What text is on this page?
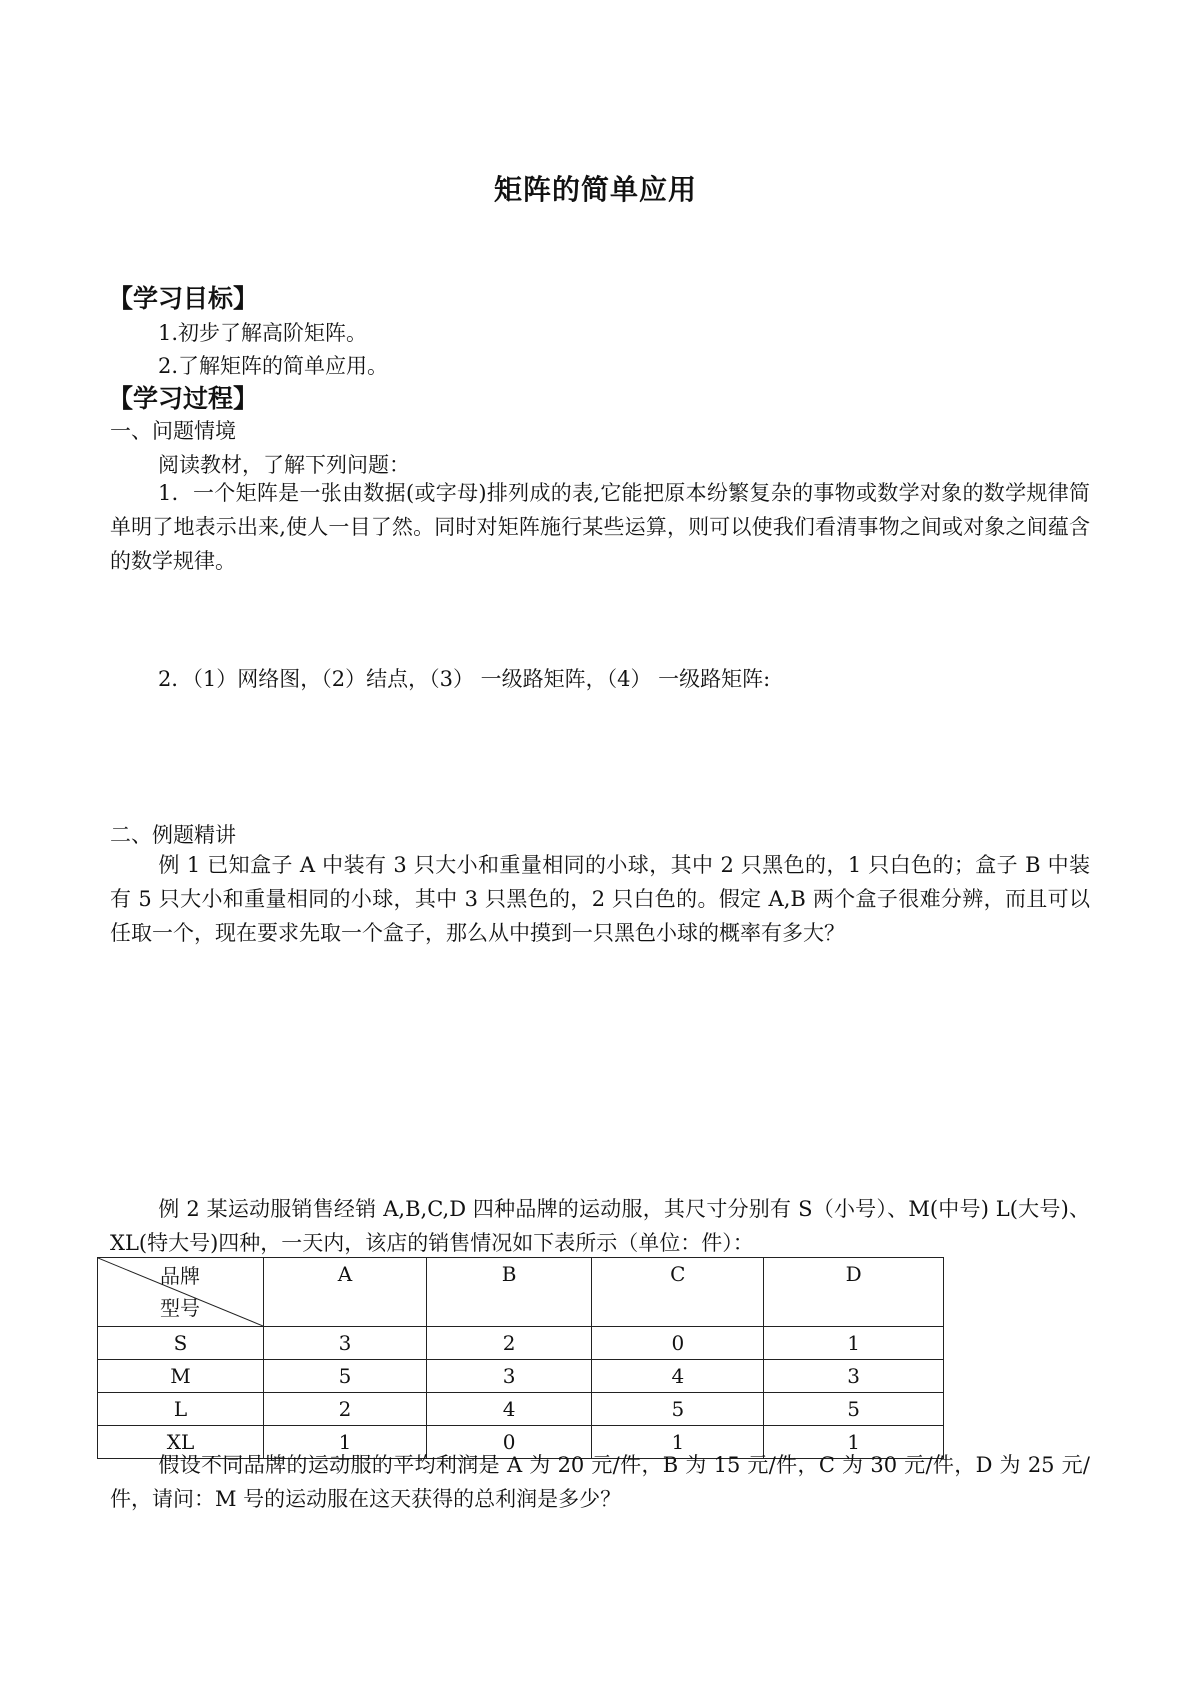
矩阵的简单应用
【学习目标】
1.初步了解高阶矩阵。
2.了解矩阵的简单应用。
【学习过程】
一、问题情境
阅读教材，了解下列问题：
1．一个矩阵是一张由数据(或字母)排列成的表,它能把原本纷繁复杂的事物或数学对象的数学规律简单明了地表示出来,使人一目了然。同时对矩阵施行某些运算，则可以使我们看清事物之间或对象之间蕴含的数学规律。
2．（1）网络图，（2）结点，（3） 一级路矩阵，（4） 一级路矩阵:
二、例题精讲
例 1 已知盒子 A 中装有 3 只大小和重量相同的小球，其中 2 只黑色的，1 只白色的；盒子 B 中装有 5 只大小和重量相同的小球，其中 3 只黑色的，2 只白色的。假定 A,B 两个盒子很难分辨，而且可以任取一个，现在要求先取一个盒子，那么从中摸到一只黑色小球的概率有多大？
例 2 某运动服销售经销 A,B,C,D 四种品牌的运动服，其尺寸分别有 S（小号）、M(中号) L(大号)、XL(特大号)四种，一天内，该店的销售情况如下表所示（单位：件）：
品牌
型号	A	B	C	D
S	3	2	0	1
M	5	3	4	3
L	2	4	5	5
XL	1	0	1	1
假设不同品牌的运动服的平均利润是 A 为 20 元/件，B 为 15 元/件，C 为 30 元/件，D 为 25 元/件，请问：M 号的运动服在这天获得的总利润是多少？
